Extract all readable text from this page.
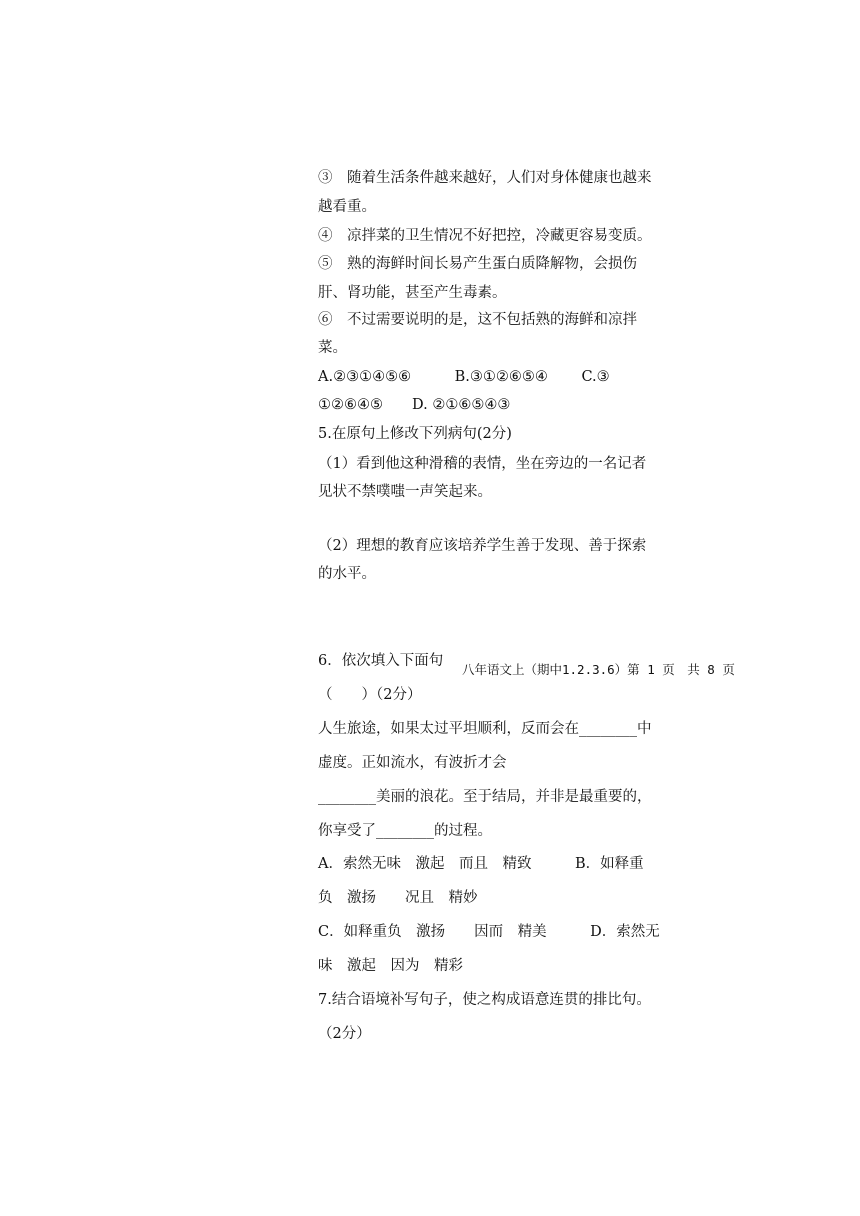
③　随着生活条件越来越好，人们对身体健康也越来
越看重。
④　凉拌菜的卫生情况不好把控，冷藏更容易变质。
⑤　熟的海鲜时间长易产生蛋白质降解物，会损伤
肝、肾功能，甚至产生毒素。
⑥　不过需要说明的是，这不包括熟的海鲜和凉拌
菜。
A.②③①④⑤⑥　　　B.③①②⑥⑤④　　 C.③
①②⑥④⑤　　D. ②①⑥⑤④③
5.在原句上修改下列病句(2分)
（1）看到他这种滑稽的表情，坐在旁边的一名记者
见状不禁噗嗤一声笑起来。
（2）理想的教育应该培养学生善于发现、善于探索
的水平。
6．依次填入下面句
八年语文上（期中1.2.3.6）第 1 页　共 8 页
（　　）（2分）
人生旅途，如果太过平坦顺利，反而会在________中
虚度。正如流水，有波折才会
________美丽的浪花。至于结局，并非是最重要的，
你享受了________的过程。
A．索然无味　激起　而且　精致　　　B．如释重
负　激扬　　况且　精妙
C．如释重负　激扬　　因而　精美　　　D．索然无
味　激起　因为　精彩
7.结合语境补写句子，使之构成语意连贯的排比句。
（2分）
